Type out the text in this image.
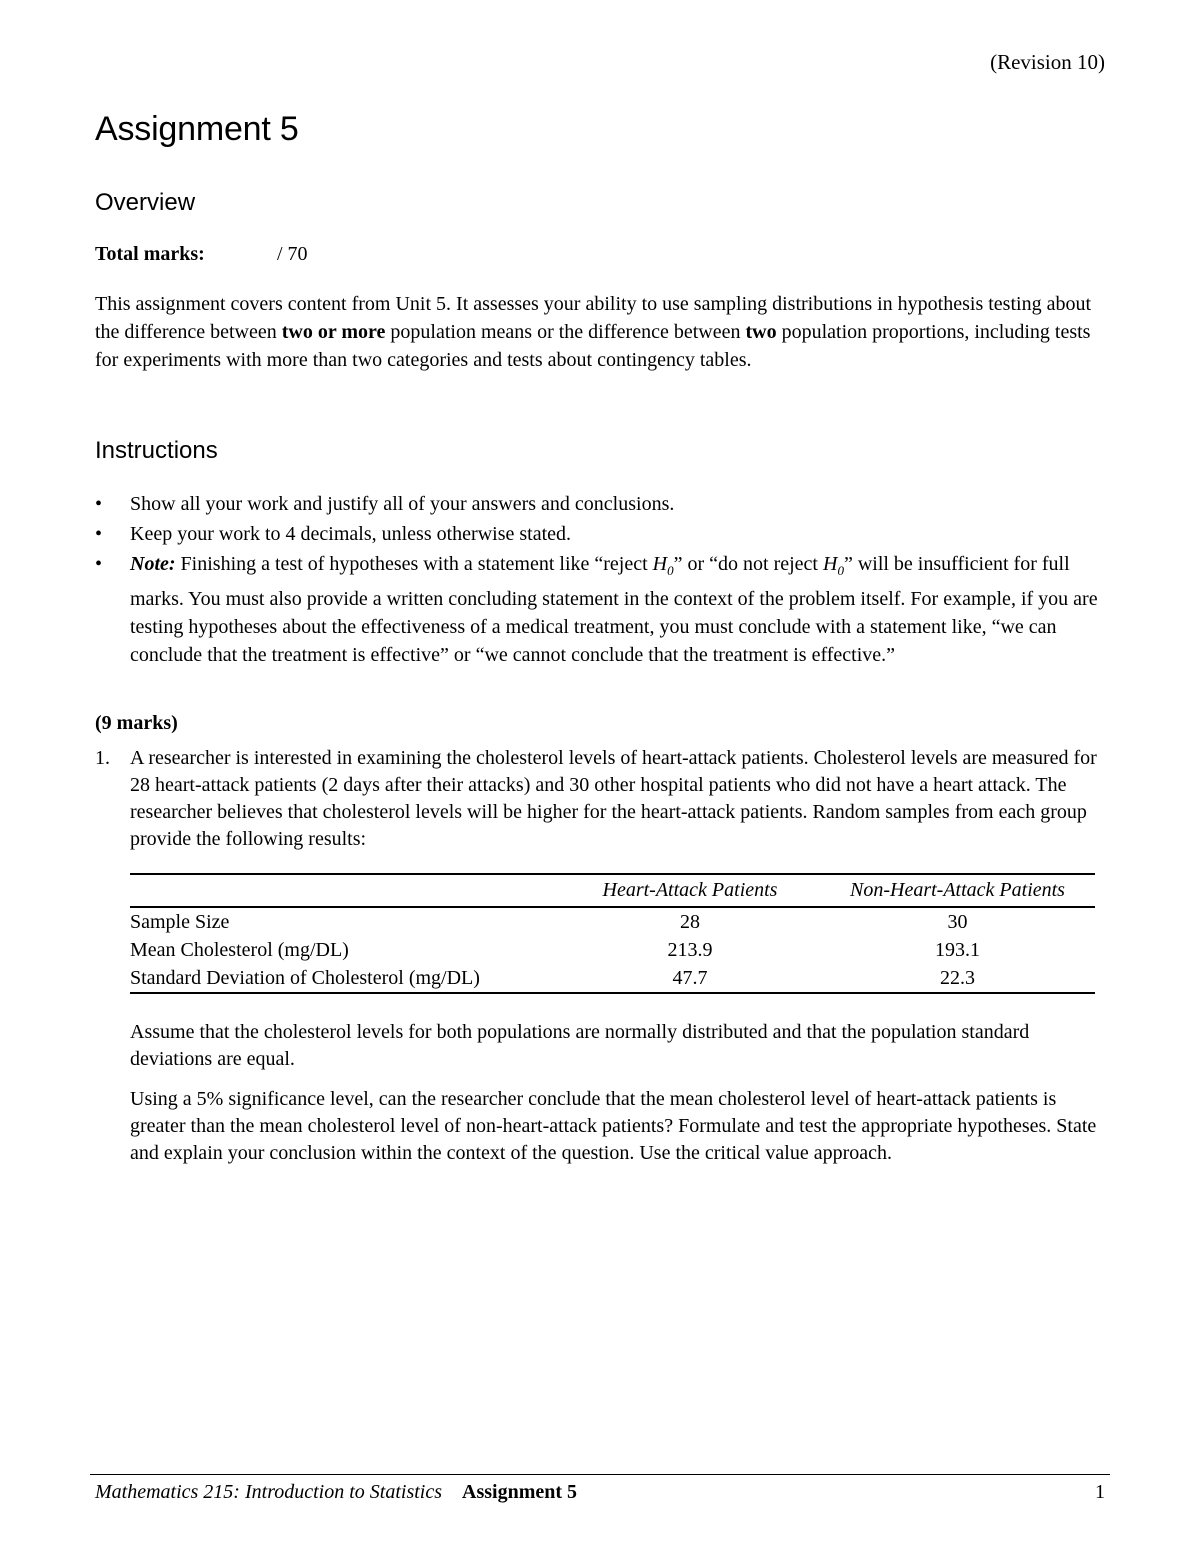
(Revision 10)
Assignment 5
Overview
Total marks:	/ 70
This assignment covers content from Unit 5. It assesses your ability to use sampling distributions in hypothesis testing about the difference between two or more population means or the difference between two population proportions, including tests for experiments with more than two categories and tests about contingency tables.
Instructions
• Show all your work and justify all of your answers and conclusions.
• Keep your work to 4 decimals, unless otherwise stated.
• Note: Finishing a test of hypotheses with a statement like “reject $H_0$” or “do not reject $H_0$” will be insufficient for full marks. You must also provide a written concluding statement in the context of the problem itself. For example, if you are testing hypotheses about the effectiveness of a medical treatment, you must conclude with a statement like, “we can conclude that the treatment is effective” or “we cannot conclude that the treatment is effective.”
(9 marks)
1. A researcher is interested in examining the cholesterol levels of heart-attack patients. Cholesterol levels are measured for 28 heart-attack patients (2 days after their attacks) and 30 other hospital patients who did not have a heart attack. The researcher believes that cholesterol levels will be higher for the heart-attack patients. Random samples from each group provide the following results:
	Heart-Attack Patients	Non-Heart-Attack Patients
Sample Size	28	30
Mean Cholesterol (mg/DL)	213.9	193.1
Standard Deviation of Cholesterol (mg/DL)	47.7	22.3
Assume that the cholesterol levels for both populations are normally distributed and that the population standard deviations are equal.
Using a 5% significance level, can the researcher conclude that the mean cholesterol level of heart-attack patients is greater than the mean cholesterol level of non-heart-attack patients? Formulate and test the appropriate hypotheses. State and explain your conclusion within the context of the question. Use the critical value approach.
Mathematics 215: Introduction to Statistics Assignment 5	1
